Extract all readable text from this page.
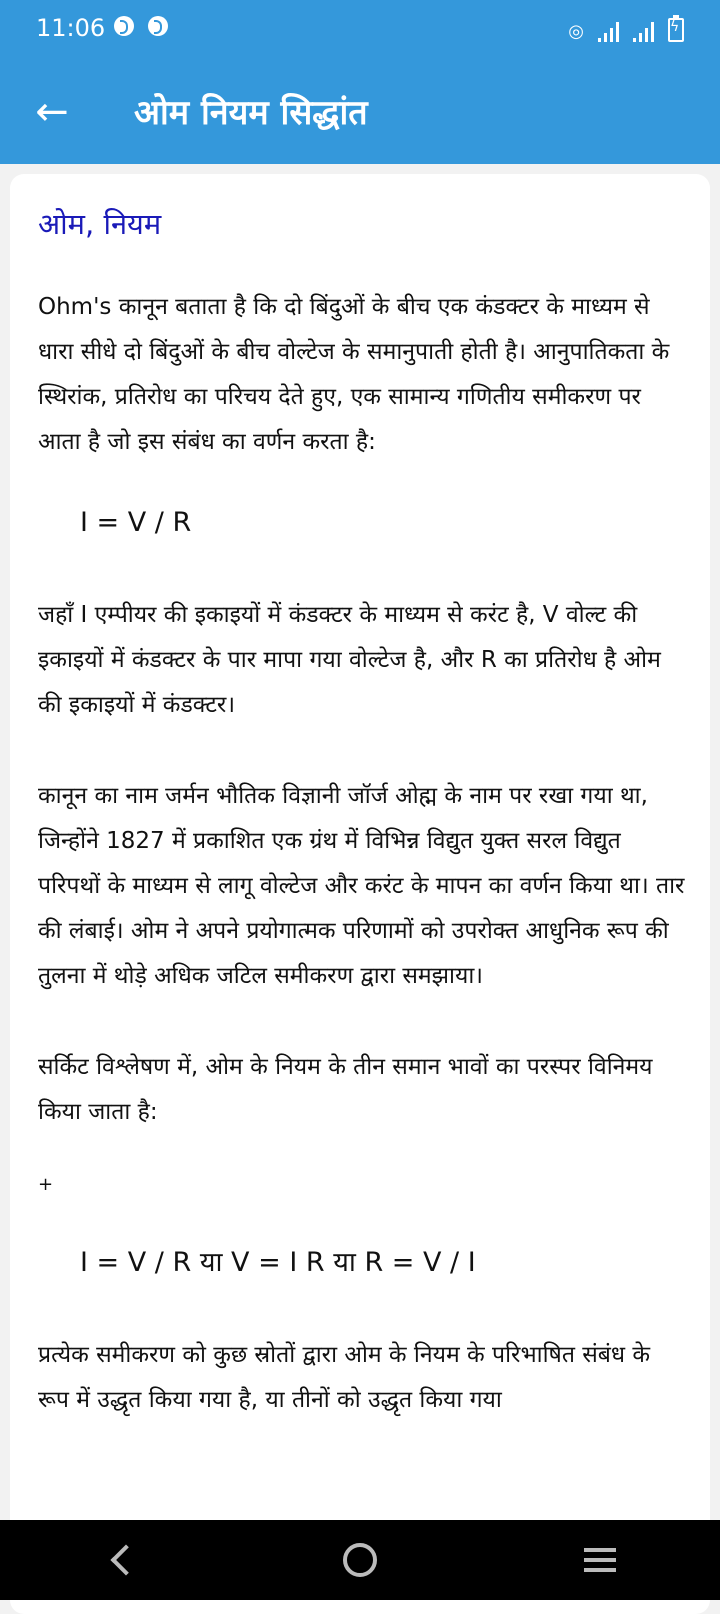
11:06	◎
ϟ
← ओम नियम सिद्धांत
ओम, नियम

Ohm's कानून बताता है कि दो बिंदुओं के बीच एक कंडक्टर के माध्यम से धारा सीधे दो बिंदुओं के बीच वोल्टेज के समानुपाती होती है। आनुपातिकता के स्थिरांक, प्रतिरोध का परिचय देते हुए, एक सामान्य गणितीय समीकरण पर आता है जो इस संबंध का वर्णन करता है:

I = V / R

जहाँ I एम्पीयर की इकाइयों में कंडक्टर के माध्यम से करंट है, V वोल्ट की इकाइयों में कंडक्टर के पार मापा गया वोल्टेज है, और R का प्रतिरोध है ओम की इकाइयों में कंडक्टर।

कानून का नाम जर्मन भौतिक विज्ञानी जॉर्ज ओह्म के नाम पर रखा गया था, जिन्होंने 1827 में प्रकाशित एक ग्रंथ में विभिन्न विद्युत युक्त सरल विद्युत परिपथों के माध्यम से लागू वोल्टेज और करंट के मापन का वर्णन किया था। तार की लंबाई। ओम ने अपने प्रयोगात्मक परिणामों को उपरोक्त आधुनिक रूप की तुलना में थोड़े अधिक जटिल समीकरण द्वारा समझाया।

सर्किट विश्लेषण में, ओम के नियम के तीन समान भावों का परस्पर विनिमय किया जाता है:

+
I = V / R या V = I R या R = V / I

प्रत्येक समीकरण को कुछ स्रोतों द्वारा ओम के नियम के परिभाषित संबंध के रूप में उद्धृत किया गया है, या तीनों को उद्धृत किया गया
